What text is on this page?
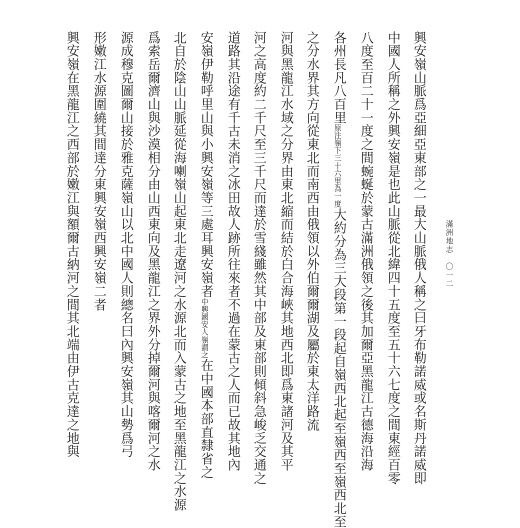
滿洲地志　〇一二
興安嶺山脈爲亞細亞東部之一最大山脈俄人稱之曰牙布勒諾威或名斯丹諾威即
中國人所稱之外興安嶺是也此山脈從北緯四十五度至五十六七度之間東經百零
八度至百二十一度之間蜿蜒於蒙古滿洲俄領之後其加爾亞黑龍江古德海沿海
各州長凡八百里原注嶺下三十六里為一度大約分為三大段第一段起自嶺西北起至嶺西至嶺西北至
之分水界其方向從東北而南西由俄領以外伯爾爾湖及屬於東太洋路流
河與黑龍江水域之分界由東北縮而結於白合海峽其地西北即爲東諸河及其平
河之高度約二千尺至三千尺而達於雪綫雖然其中部及東部則傾斜急峻乏交通之
道路其沿途有千古未消之冰田故人跡所往來者不過在蒙古之人而已故其地內
安嶺伊勒呼里山與小興安嶺等三處耳興安嶺者中興國安人嶺謂之在中國本部直隸省之
北自於陰山山脈延從海喇嶺山起東北走遼河之水源北而入蒙古之地至黑龍江之水源
爲索岳爾濟山與沙漠相分由山西東向及黑龍江之界外分掉爾河與喀爾河之水
源成穆克圖爾山接於雅克薩嶺山以北中國人則總名曰內興安嶺其山勢爲弓
形嫩江水源圍繞其間達分東興安嶺西興安嶺二者
興安嶺在黑龍江之西部於嫩江與額爾古納河之間其北端由伊古克達之地與
